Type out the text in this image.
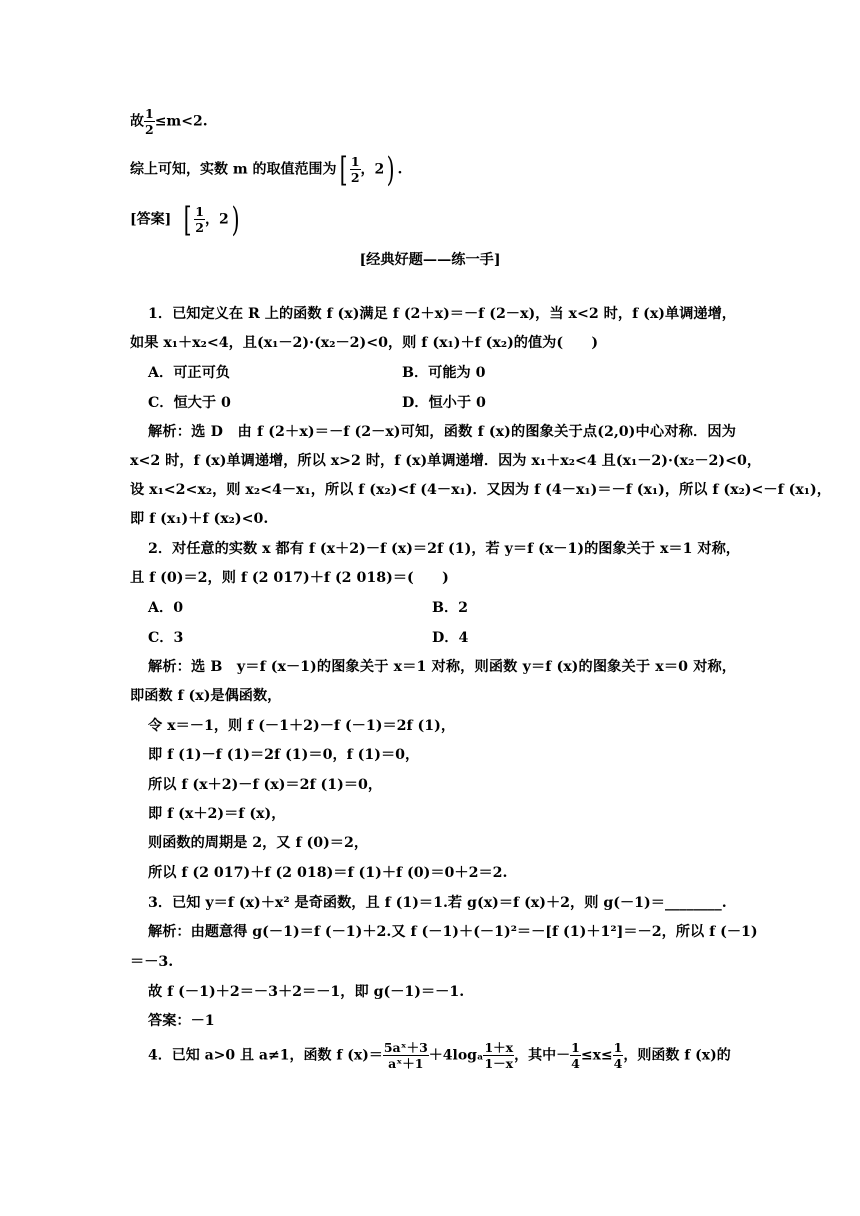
故 $\frac{1}{2} \le m<2$.
综上可知，实数 m 的取值范围为[ $\frac{1}{2}$ ，2) .
[答案] [ $\frac{1}{2}$ ，2)
[经典好题——练一手]
1．已知定义在 R 上的函数 f (x)满足 f (2＋x)＝－f (2－x)，当 x<2 时，f (x)单调递增，
如果 x₁＋x₂<4，且(x₁－2)·(x₂－2)<0，则 f (x₁)＋f (x₂)的值为(　　)
A．可正可负	B．可能为 0
C．恒大于 0	D．恒小于 0
解析：选 D　由 f (2＋x)＝－f (2－x)可知，函数 f (x)的图象关于点(2,0)中心对称．因为
x<2 时，f (x)单调递增，所以 x>2 时，f (x)单调递增．因为 x₁＋x₂<4 且(x₁－2)·(x₂－2)<0，
设 x₁<2<x₂，则 x₂<4－x₁，所以 f (x₂)<f (4－x₁)．又因为 f (4－x₁)＝－f (x₁)，所以 f (x₂)<－f (x₁)，
即 f (x₁)＋f (x₂)<0.
2．对任意的实数 x 都有 f (x＋2)－f (x)＝2f (1)，若 y＝f (x－1)的图象关于 x＝1 对称，
且 f (0)＝2，则 f (2 017)＋f (2 018)＝(　　)
A．0	B．2
C．3	D．4
解析：选 B　y＝f (x－1)的图象关于 x＝1 对称，则函数 y＝f (x)的图象关于 x＝0 对称，
即函数 f (x)是偶函数，
令 x＝－1，则 f (－1＋2)－f (－1)＝2f (1)，
即 f (1)－f (1)＝2f (1)＝0，f (1)＝0，
所以 f (x＋2)－f (x)＝2f (1)＝0，
即 f (x＋2)＝f (x)，
则函数的周期是 2，又 f (0)＝2，
所以 f (2 017)＋f (2 018)＝f (1)＋f (0)＝0＋2＝2.
3．已知 y＝f (x)＋x² 是奇函数，且 f (1)＝1.若 g(x)＝f (x)＋2，则 g(－1)＝________.
解析：由题意得 g(－1)＝f (－1)＋2.又 f (－1)＋(－1)²＝－[f (1)＋1²]＝－2，所以 f (－1)
＝－3.
故 f (－1)＋2＝－3＋2＝－1，即 g(－1)＝－1.
答案：－1
4．已知 a>0 且 a≠1，函数 f $(x)= \frac{\text{5aˣ＋3}}{\text{aˣ＋1}} +4\log_a \frac{1+x}{1-x}$ ，其中－ $\frac{1}{4} \le x\le \frac{1}{4}$ ，则函数 f (x)的
